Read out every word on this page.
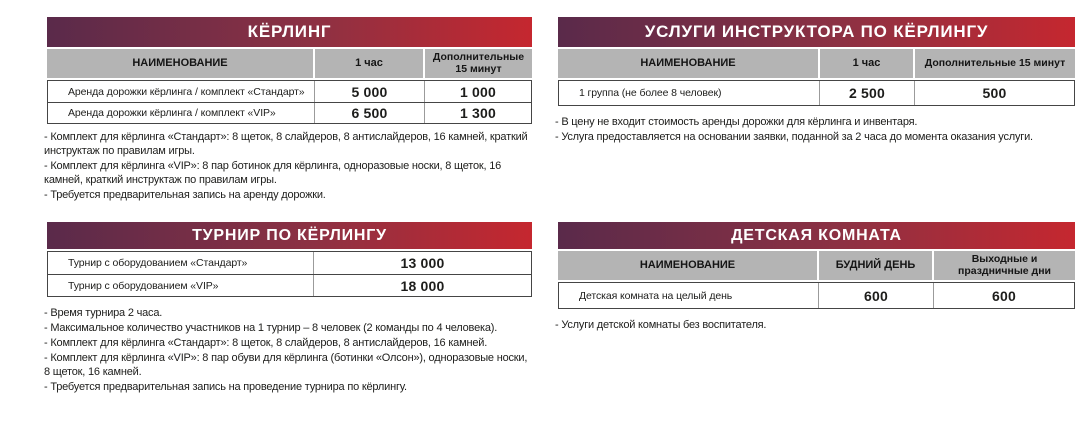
КЁРЛИНГ
НАИМЕНОВАНИЕ	1 час	Дополнительные 15 минут
Аренда дорожки кёрлинга / комплект «Стандарт»	5 000	1 000
Аренда дорожки кёрлинга / комплект «VIP»	6 500	1 300
- Комплект для кёрлинга «Стандарт»: 8 щеток, 8 слайдеров, 8 антислайдеров, 16 камней, краткий инструктаж по правилам игры.
- Комплект для кёрлинга «VIP»: 8 пар ботинок для кёрлинга, одноразовые носки, 8 щеток, 16 камней, краткий инструктаж по правилам игры.
- Требуется предварительная запись на аренду дорожки.
УСЛУГИ ИНСТРУКТОРА ПО КЁРЛИНГУ
НАИМЕНОВАНИЕ	1 час	Дополнительные 15 минут
1 группа (не более 8 человек)	2 500	500
- В цену не входит стоимость аренды дорожки для кёрлинга и инвентаря.
- Услуга предоставляется на основании заявки, поданной за 2 часа до момента оказания услуги.
ТУРНИР ПО КЁРЛИНГУ
Турнир с оборудованием «Стандарт»	13 000
Турнир с оборудованием «VIP»	18 000
- Время турнира 2 часа.
- Максимальное количество участников на 1 турнир – 8 человек (2 команды по 4 человека).
- Комплект для кёрлинга «Стандарт»: 8 щеток, 8 слайдеров, 8 антислайдеров, 16 камней.
- Комплект для кёрлинга «VIP»: 8 пар обуви для кёрлинга (ботинки «Олсон»), одноразовые носки, 8 щеток, 16 камней.
- Требуется предварительная запись на проведение турнира по кёрлингу.
ДЕТСКАЯ КОМНАТА
НАИМЕНОВАНИЕ	БУДНИЙ ДЕНЬ	Выходные и праздничные дни
Детская комната на целый день	600	600
- Услуги детской комнаты без воспитателя.
